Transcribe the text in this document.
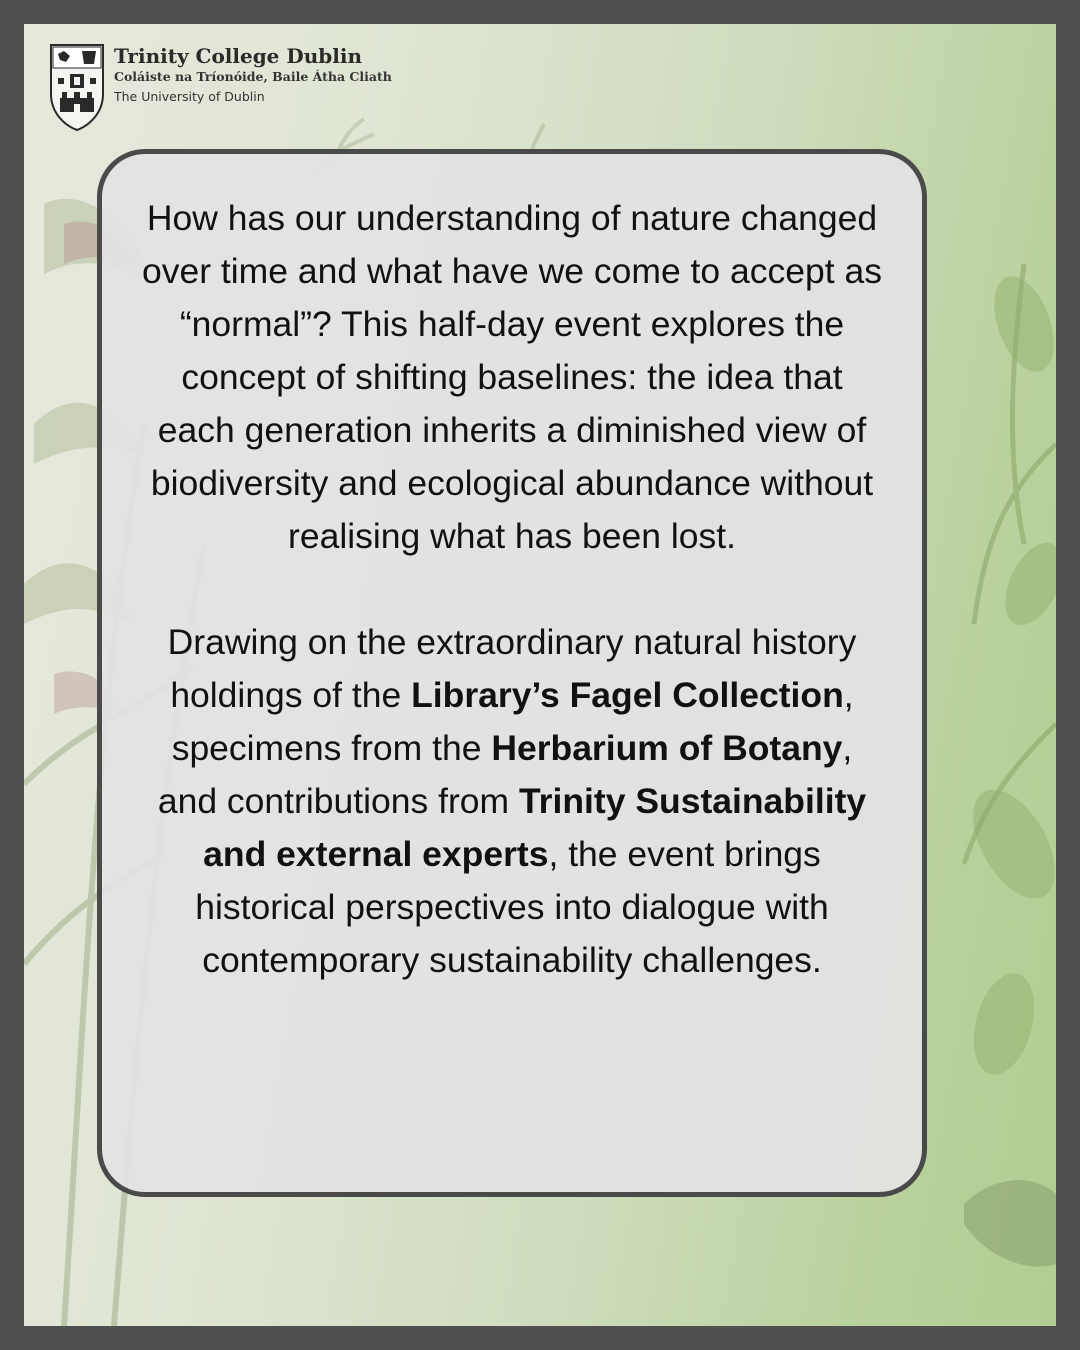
Trinity College Dublin
Coláiste na Tríonóide, Baile Átha Cliath
The University of Dublin

How has our understanding of nature changed over time and what have we come to accept as “normal”? This half-day event explores the concept of shifting baselines: the idea that each generation inherits a diminished view of biodiversity and ecological abundance without realising what has been lost.

Drawing on the extraordinary natural history holdings of the Library’s Fagel Collection, specimens from the Herbarium of Botany, and contributions from Trinity Sustainability and external experts, the event brings historical perspectives into dialogue with contemporary sustainability challenges.
